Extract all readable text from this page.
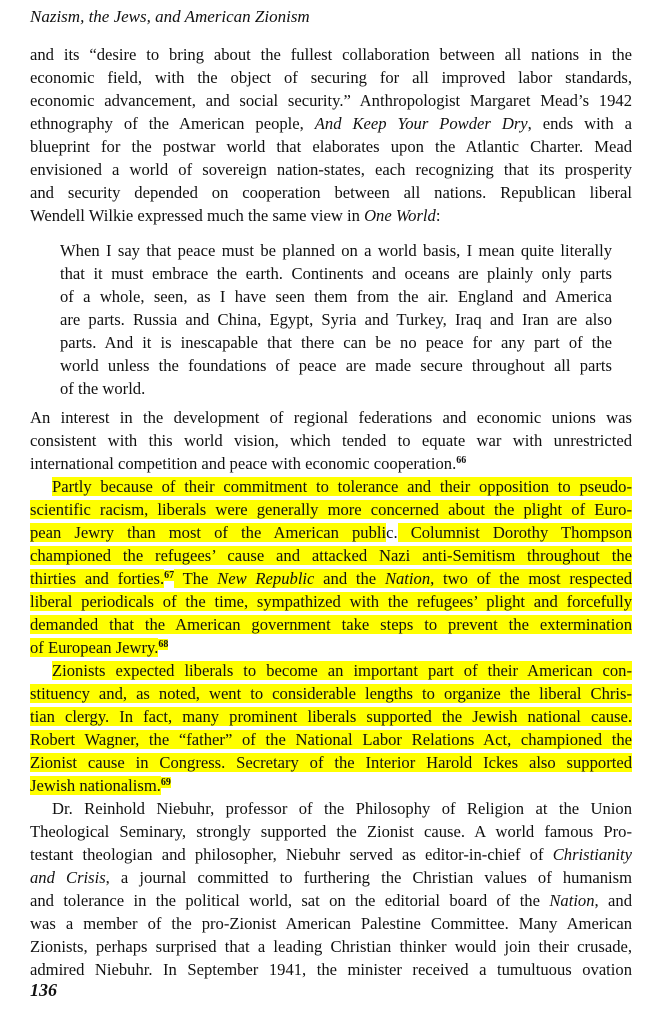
Nazism, the Jews, and American Zionism
and its “desire to bring about the fullest collaboration between all nations in the
economic field, with the object of securing for all improved labor standards,
economic advancement, and social security.” Anthropologist Margaret Mead’s 1942
ethnography of the American people, And Keep Your Powder Dry, ends with a
blueprint for the postwar world that elaborates upon the Atlantic Charter. Mead
envisioned a world of sovereign nation-states, each recognizing that its prosperity
and security depended on cooperation between all nations. Republican liberal
Wendell Wilkie expressed much the same view in One World:
When I say that peace must be planned on a world basis, I mean quite literally
that it must embrace the earth. Continents and oceans are plainly only parts
of a whole, seen, as I have seen them from the air. England and America
are parts. Russia and China, Egypt, Syria and Turkey, Iraq and Iran are also
parts. And it is inescapable that there can be no peace for any part of the
world unless the foundations of peace are made secure throughout all parts
of the world.
An interest in the development of regional federations and economic unions was
consistent with this world vision, which tended to equate war with unrestricted
international competition and peace with economic cooperation.$^{66}$
Partly because of their commitment to tolerance and their opposition to pseudo-
scientific racism, liberals were generally more concerned about the plight of Euro-
pean Jewry than most of the American public. Columnist Dorothy Thompson
championed the refugees’ cause and attacked Nazi anti-Semitism throughout the
thirties and forties.$^{67}$ The New Republic and the Nation, two of the most respected
liberal periodicals of the time, sympathized with the refugees’ plight and forcefully
demanded that the American government take steps to prevent the extermination
of European Jewry.$^{68}$
Zionists expected liberals to become an important part of their American con-
stituency and, as noted, went to considerable lengths to organize the liberal Chris-
tian clergy. In fact, many prominent liberals supported the Jewish national cause.
Robert Wagner, the “father” of the National Labor Relations Act, championed the
Zionist cause in Congress. Secretary of the Interior Harold Ickes also supported
Jewish nationalism.$^{69}$
Dr. Reinhold Niebuhr, professor of the Philosophy of Religion at the Union
Theological Seminary, strongly supported the Zionist cause. A world famous Pro-
testant theologian and philosopher, Niebuhr served as editor-in-chief of Christianity
and Crisis, a journal committed to furthering the Christian values of humanism
and tolerance in the political world, sat on the editorial board of the Nation, and
was a member of the pro-Zionist American Palestine Committee. Many American
Zionists, perhaps surprised that a leading Christian thinker would join their crusade,
admired Niebuhr. In September 1941, the minister received a tumultuous ovation
136
